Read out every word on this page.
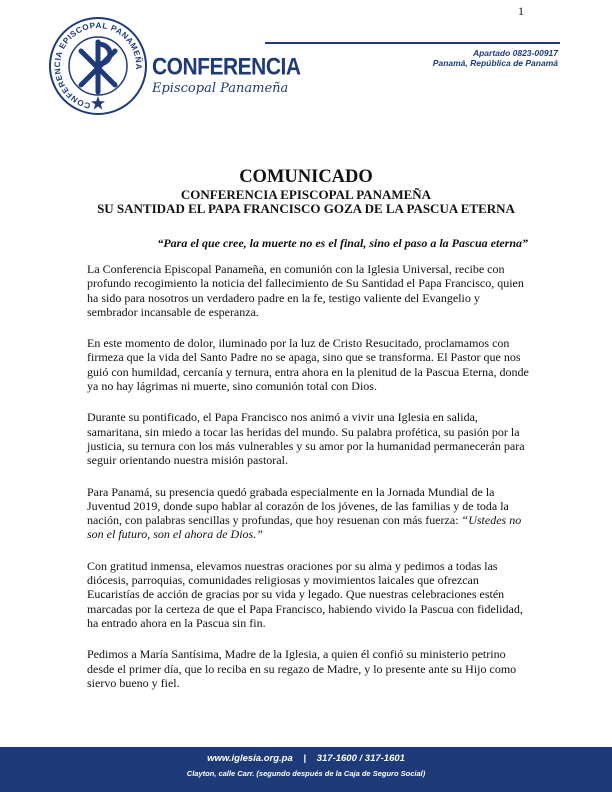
1
Apartado 0823-00917
Panamá, República de Panamá
CONFERENCIA EPISCOPAL PANAMEÑA CONFERENCIA
Episcopal Panameña
COMUNICADO
CONFERENCIA EPISCOPAL PANAMEÑA
SU SANTIDAD EL PAPA FRANCISCO GOZA DE LA PASCUA ETERNA
“Para el que cree, la muerte no es el final, sino el paso a la Pascua eterna”

La Conferencia Episcopal Panameña, en comunión con la Iglesia Universal, recibe con profundo recogimiento la noticia del fallecimiento de Su Santidad el Papa Francisco, quien ha sido para nosotros un verdadero padre en la fe, testigo valiente del Evangelio y sembrador incansable de esperanza.

En este momento de dolor, iluminado por la luz de Cristo Resucitado, proclamamos con firmeza que la vida del Santo Padre no se apaga, sino que se transforma. El Pastor que nos guió con humildad, cercanía y ternura, entra ahora en la plenitud de la Pascua Eterna, donde ya no hay lágrimas ni muerte, sino comunión total con Dios.

Durante su pontificado, el Papa Francisco nos animó a vivir una Iglesia en salida, samaritana, sin miedo a tocar las heridas del mundo. Su palabra profética, su pasión por la justicia, su ternura con los más vulnerables y su amor por la humanidad permanecerán para seguir orientando nuestra misión pastoral.

Para Panamá, su presencia quedó grabada especialmente en la Jornada Mundial de la Juventud 2019, donde supo hablar al corazón de los jóvenes, de las familias y de toda la nación, con palabras sencillas y profundas, que hoy resuenan con más fuerza: “Ustedes no son el futuro, son el ahora de Dios.”

Con gratitud inmensa, elevamos nuestras oraciones por su alma y pedimos a todas las diócesis, parroquias, comunidades religiosas y movimientos laicales que ofrezcan Eucaristías de acción de gracias por su vida y legado. Que nuestras celebraciones estén marcadas por la certeza de que el Papa Francisco, habiendo vivido la Pascua con fidelidad, ha entrado ahora en la Pascua sin fin.

Pedimos a María Santísima, Madre de la Iglesia, a quien él confió su ministerio petrino desde el primer día, que lo reciba en su regazo de Madre, y lo presente ante su Hijo como siervo bueno y fiel.

www.iglesia.org.pa | 317-1600 / 317-1601
Clayton, calle Carr. (segundo después de la Caja de Seguro Social)
